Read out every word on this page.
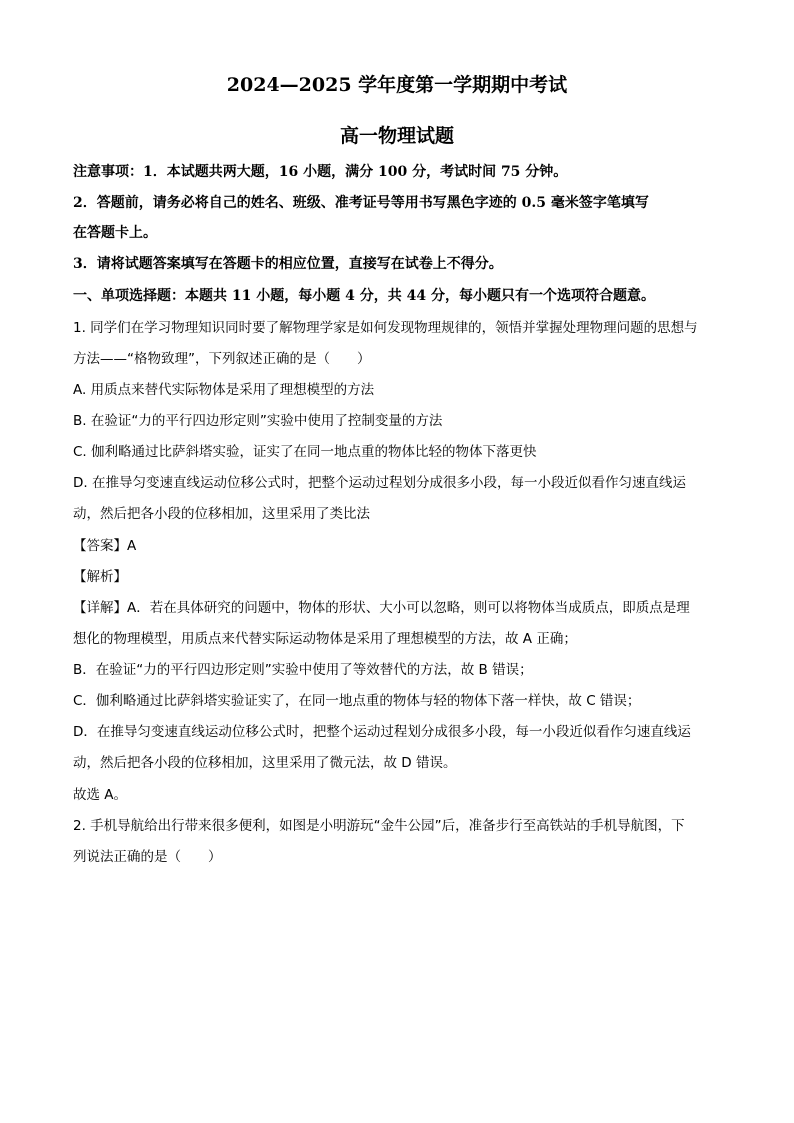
2024—2025 学年度第一学期期中考试
高一物理试题
注意事项：1．本试题共两大题，16 小题，满分 100 分，考试时间 75 分钟。
2．答题前，请务必将自己的姓名、班级、准考证号等用书写黑色字迹的 0.5 毫米签字笔填写
在答题卡上。
3．请将试题答案填写在答题卡的相应位置，直接写在试卷上不得分。
一、单项选择题：本题共 11 小题，每小题 4 分，共 44 分，每小题只有一个选项符合题意。
1. 同学们在学习物理知识同时要了解物理学家是如何发现物理规律的，领悟并掌握处理物理问题的思想与
方法——“格物致理”，下列叙述正确的是（　　）
A. 用质点来替代实际物体是采用了理想模型的方法
B. 在验证“力的平行四边形定则”实验中使用了控制变量的方法
C. 伽利略通过比萨斜塔实验，证实了在同一地点重的物体比轻的物体下落更快
D. 在推导匀变速直线运动位移公式时，把整个运动过程划分成很多小段，每一小段近似看作匀速直线运
动，然后把各小段的位移相加，这里采用了类比法
【答案】A
【解析】
【详解】A．若在具体研究的问题中，物体的形状、大小可以忽略，则可以将物体当成质点，即质点是理
想化的物理模型，用质点来代替实际运动物体是采用了理想模型的方法，故 A 正确；
B．在验证“力的平行四边形定则”实验中使用了等效替代的方法，故 B 错误；
C．伽利略通过比萨斜塔实验证实了，在同一地点重的物体与轻的物体下落一样快，故 C 错误；
D．在推导匀变速直线运动位移公式时，把整个运动过程划分成很多小段，每一小段近似看作匀速直线运
动，然后把各小段的位移相加，这里采用了微元法，故 D 错误。
故选 A。
2. 手机导航给出行带来很多便利，如图是小明游玩“金牛公园”后，准备步行至高铁站的手机导航图，下
列说法正确的是（　　）
